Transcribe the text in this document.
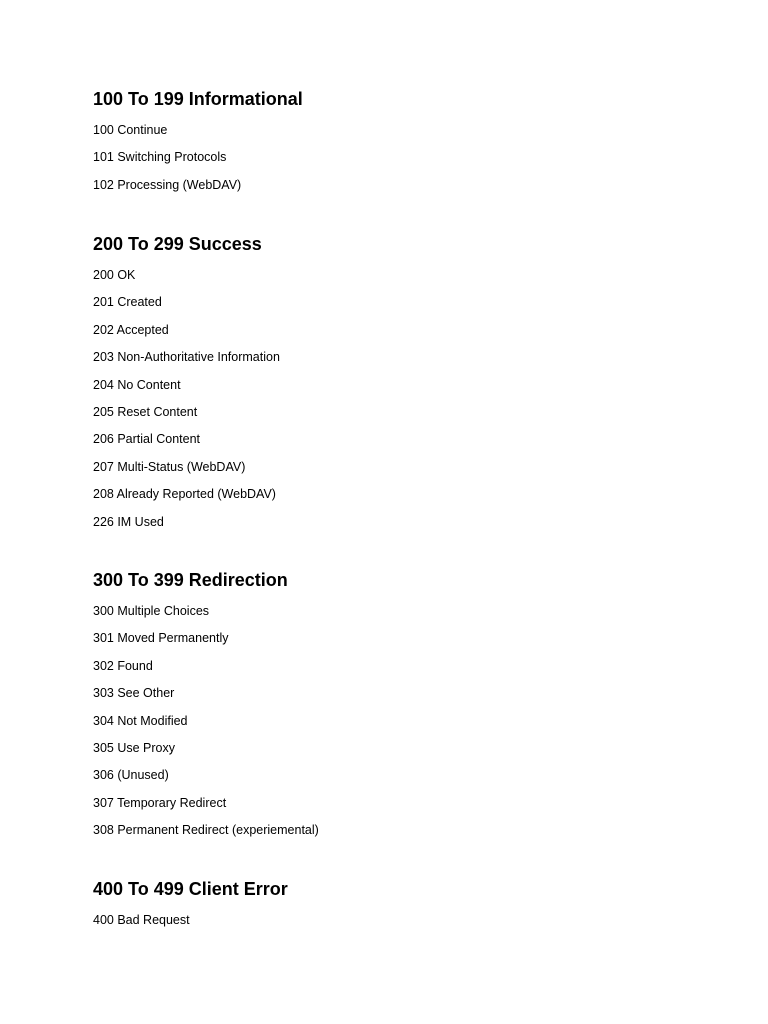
100 To 199 Informational
100 Continue
101 Switching Protocols
102 Processing (WebDAV)
200 To 299 Success
200 OK
201 Created
202 Accepted
203 Non-Authoritative Information
204 No Content
205 Reset Content
206 Partial Content
207 Multi-Status (WebDAV)
208 Already Reported (WebDAV)
226 IM Used
300 To 399 Redirection
300 Multiple Choices
301 Moved Permanently
302 Found
303 See Other
304 Not Modified
305 Use Proxy
306 (Unused)
307 Temporary Redirect
308 Permanent Redirect (experiemental)
400 To 499 Client Error
400 Bad Request
